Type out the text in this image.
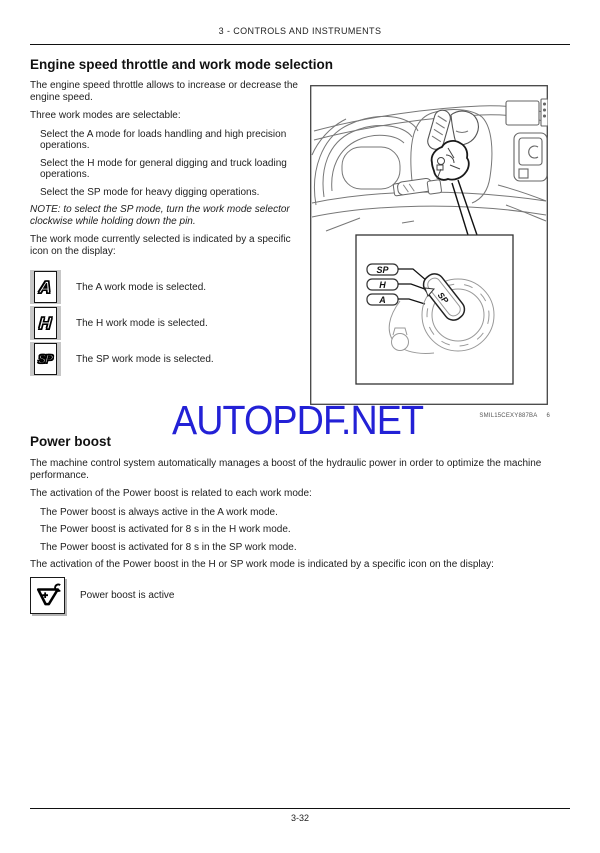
3 - CONTROLS AND INSTRUMENTS
Engine speed throttle and work mode selection

The engine speed throttle allows to increase or decrease the engine speed.

Three work modes are selectable:

Select the A mode for loads handling and high precision operations.

Select the H mode for general digging and truck loading operations.

Select the SP mode for heavy digging operations.

NOTE: to select the SP mode, turn the work mode selector clockwise while holding down the pin.

The work mode currently selected is indicated by a specific icon on the display:

A The A work mode is selected.
H The H work mode is selected.
SP The SP work mode is selected.
SP
H
A	SP
SMIL15CEXY887BA 6
Power boost

The machine control system automatically manages a boost of the hydraulic power in order to optimize the machine performance.

The activation of the Power boost is related to each work mode:

The Power boost is always active in the A work mode.

The Power boost is activated for 8 s in the H work mode.

The Power boost is activated for 8 s in the SP work mode.

The activation of the Power boost in the H or SP work mode is indicated by a specific icon on the display:

Power boost is active
AUTOPDF.NET
3-32
